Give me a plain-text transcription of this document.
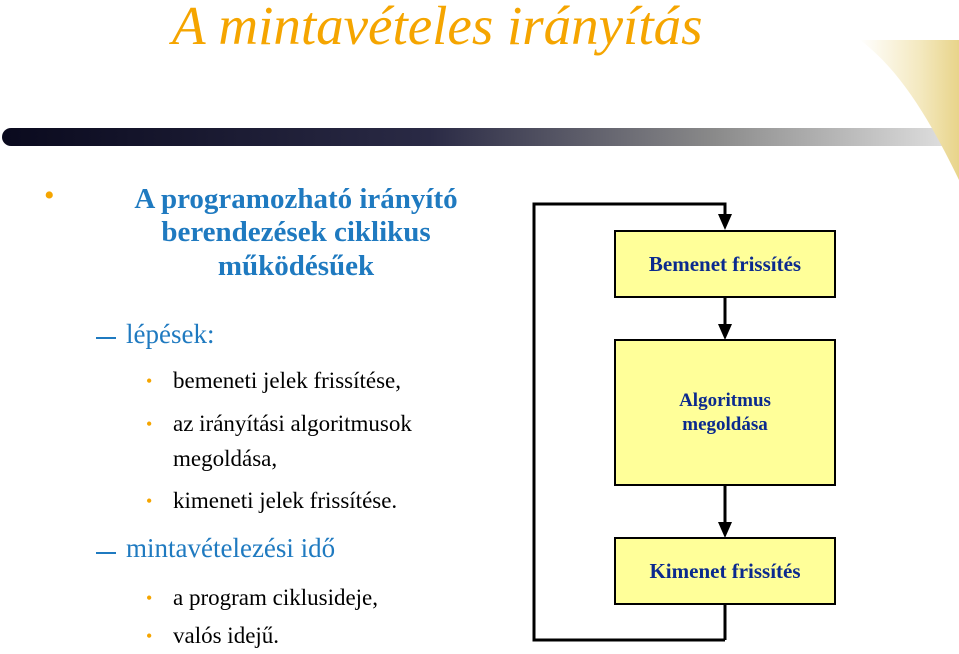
A mintavételes irányítás
•	A programozható irányító
berendezések ciklikus
működésűek
lépések:
• bemeneti jelek frissítése,
• az irányítási algoritmusok
megoldása,
• kimeneti jelek frissítése.
mintavételezési idő
• a program ciklusideje,
• valós idejű.
Bemenet frissítés
Algoritmus
megoldása
Kimenet frissítés
